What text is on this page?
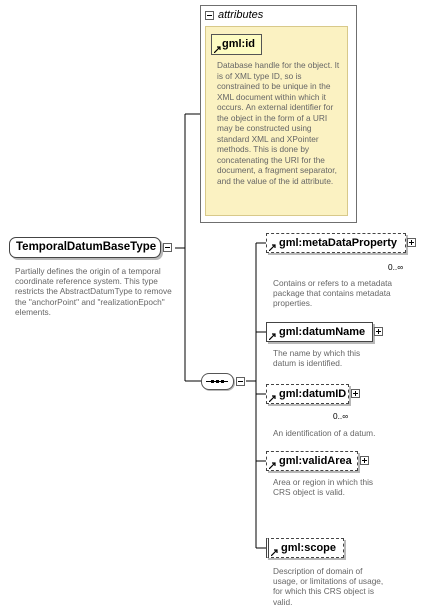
attributes
gml:id
Database handle for the object. It is of XML type ID, so is constrained to be unique in the XML document within which it occurs. An external identifier for the object in the form of a URI may be constructed using standard XML and XPointer methods. This is done by concatenating the URI for the document, a fragment separator, and the value of the id attribute.
TemporalDatumBaseType
Partially defines the origin of a temporal coordinate reference system. This type restricts the AbstractDatumType to remove the "anchorPoint" and "realizationEpoch" elements.
gml:metaDataProperty
0..∞
Contains or refers to a metadata package that contains metadata properties.
gml:datumName
The name by which this datum is identified.
gml:datumID
0..∞
An identification of a datum.
gml:validArea
Area or region in which this CRS object is valid.
gml:scope
Description of domain of usage, or limitations of usage, for which this CRS object is valid.
